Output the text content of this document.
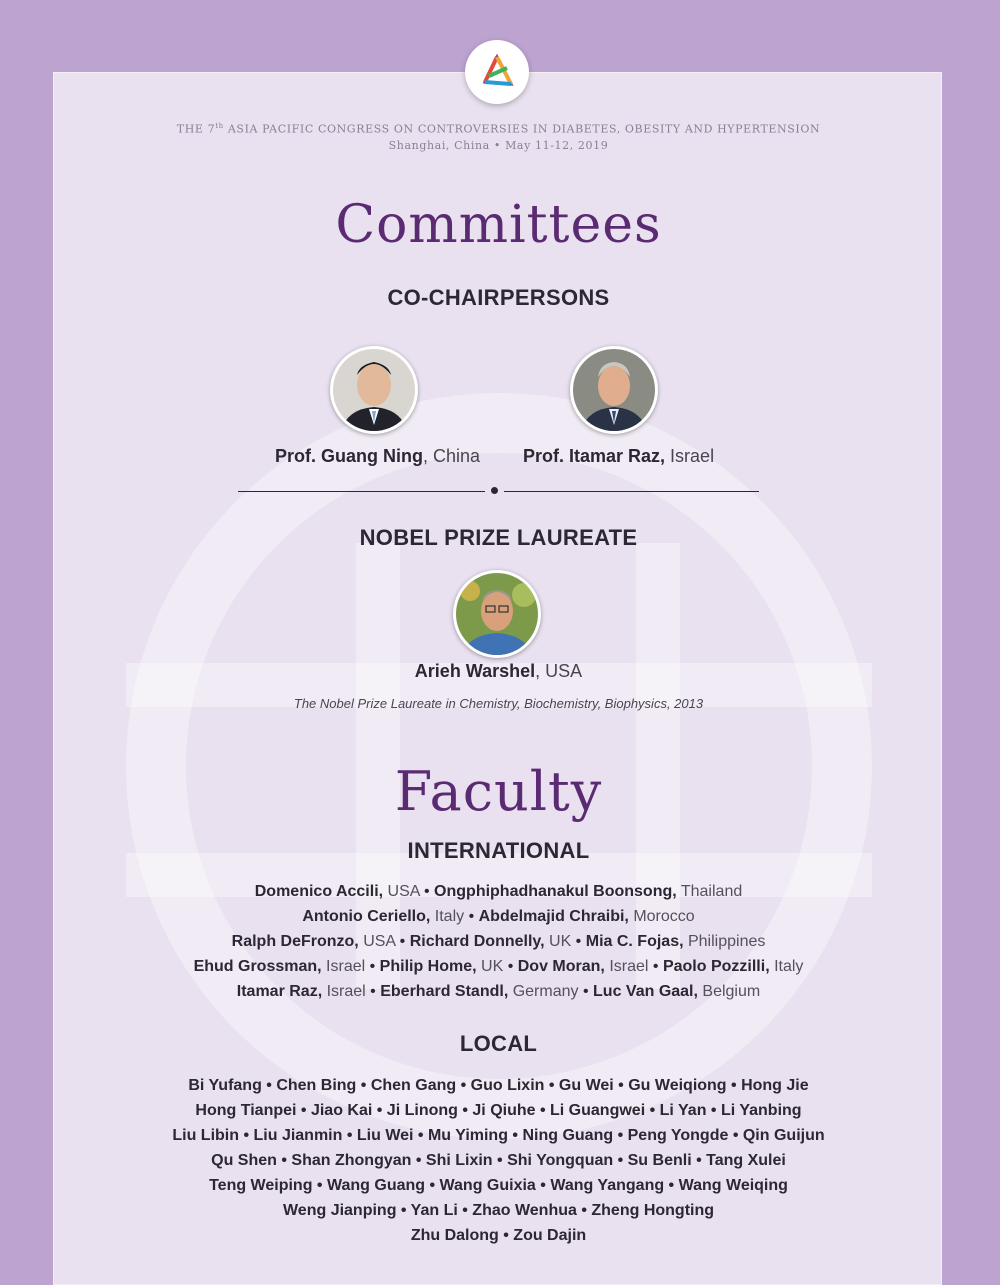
THE 7th ASIA PACIFIC CONGRESS ON CONTROVERSIES IN DIABETES, OBESITY AND HYPERTENSION
Shanghai, China • May 11-12, 2019
Committees
CO-CHAIRPERSONS
Prof. Guang Ning, China Prof. Itamar Raz, Israel
NOBEL PRIZE LAUREATE
Arieh Warshel, USA
The Nobel Prize Laureate in Chemistry, Biochemistry, Biophysics, 2013
Faculty
INTERNATIONAL
Domenico Accili, USA • Ongphiphadhanakul Boonsong, Thailand
Antonio Ceriello, Italy • Abdelmajid Chraibi, Morocco
Ralph DeFronzo, USA • Richard Donnelly, UK • Mia C. Fojas, Philippines
Ehud Grossman, Israel • Philip Home, UK • Dov Moran, Israel • Paolo Pozzilli, Italy
Itamar Raz, Israel • Eberhard Standl, Germany • Luc Van Gaal, Belgium
LOCAL
Bi Yufang • Chen Bing • Chen Gang • Guo Lixin • Gu Wei • Gu Weiqiong • Hong Jie
Hong Tianpei • Jiao Kai • Ji Linong • Ji Qiuhe • Li Guangwei • Li Yan • Li Yanbing
Liu Libin • Liu Jianmin • Liu Wei • Mu Yiming • Ning Guang • Peng Yongde • Qin Guijun
Qu Shen • Shan Zhongyan • Shi Lixin • Shi Yongquan • Su Benli • Tang Xulei
Teng Weiping • Wang Guang • Wang Guixia • Wang Yangang • Wang Weiqing
Weng Jianping • Yan Li • Zhao Wenhua • Zheng Hongting
Zhu Dalong • Zou Dajin
